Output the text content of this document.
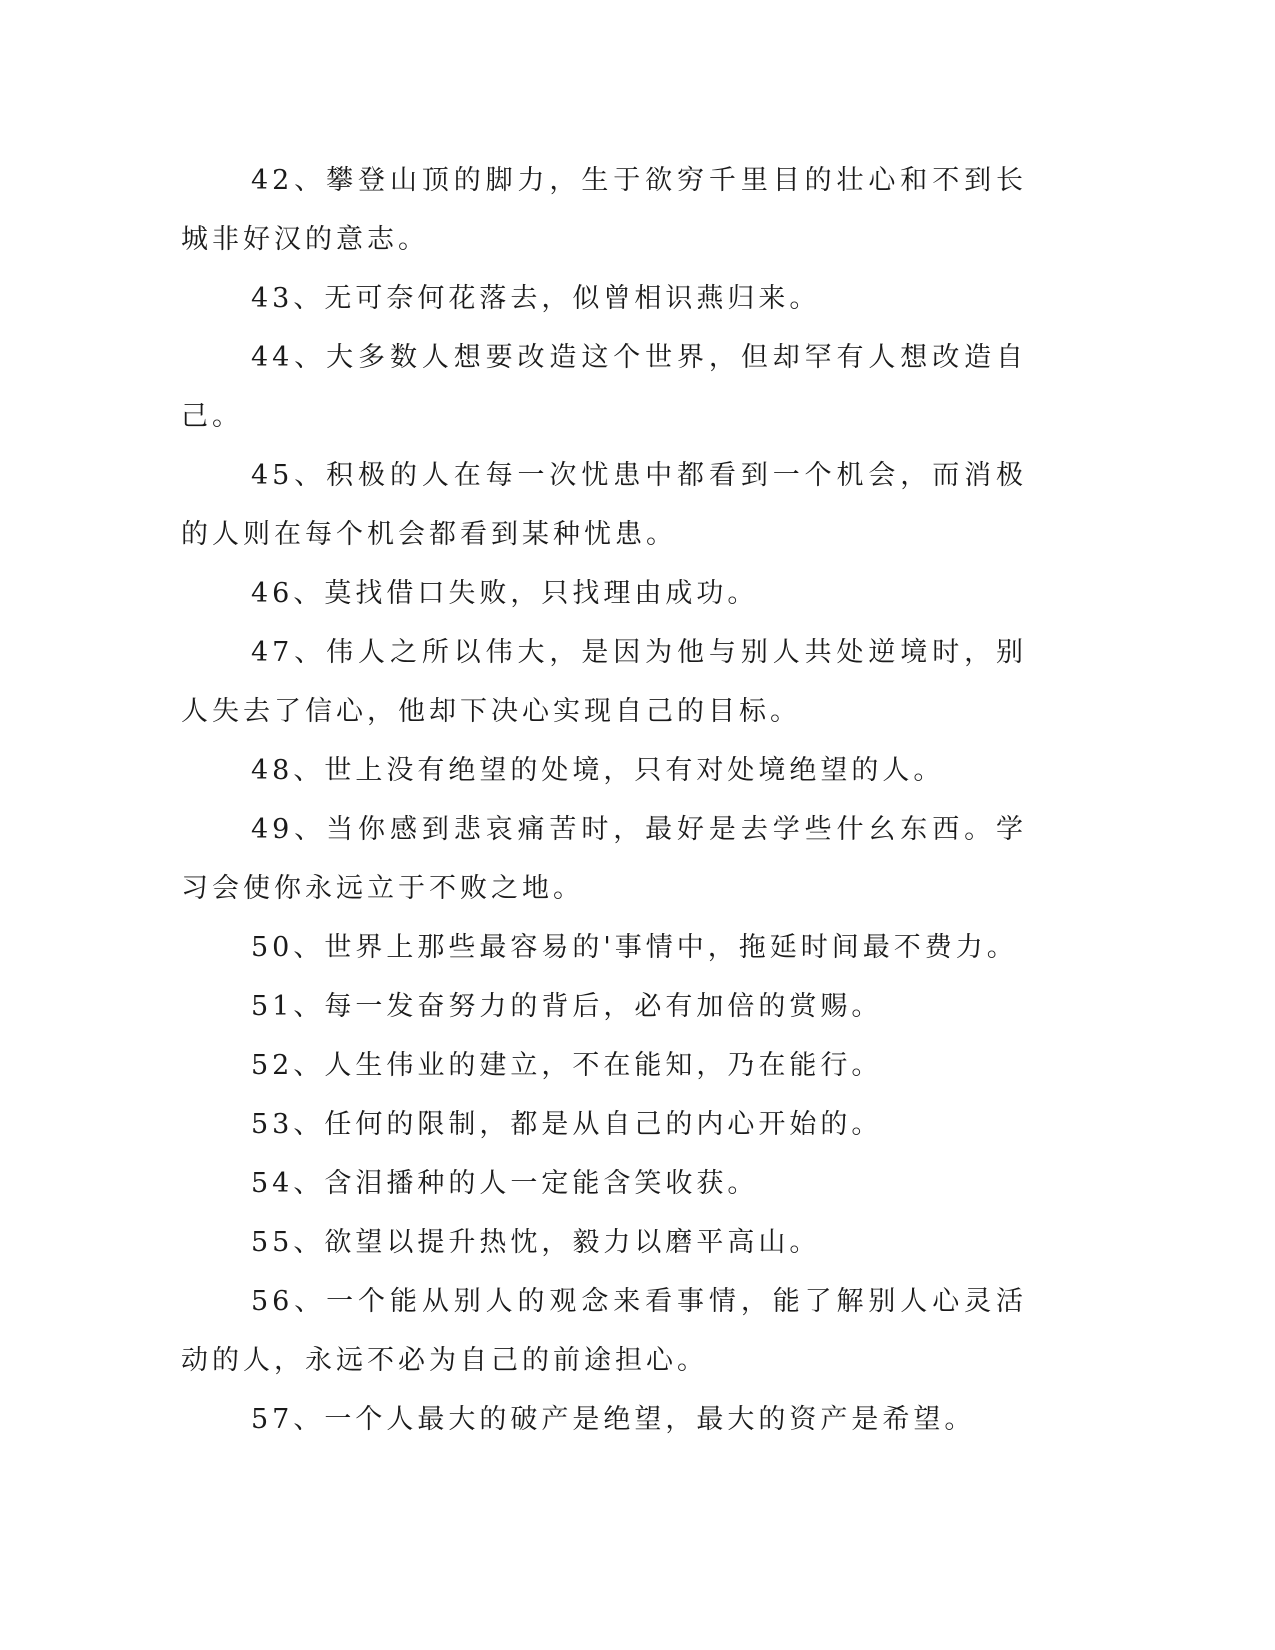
42、攀登山顶的脚力，生于欲穷千里目的壮心和不到长城非好汉的意志。

43、无可奈何花落去，似曾相识燕归来。

44、大多数人想要改造这个世界，但却罕有人想改造自己。

45、积极的人在每一次忧患中都看到一个机会，而消极的人则在每个机会都看到某种忧患。

46、莫找借口失败，只找理由成功。

47、伟人之所以伟大，是因为他与别人共处逆境时，别人失去了信心，他却下决心实现自己的目标。

48、世上没有绝望的处境，只有对处境绝望的人。

49、当你感到悲哀痛苦时，最好是去学些什幺东西。学习会使你永远立于不败之地。

50、世界上那些最容易的'事情中，拖延时间最不费力。

51、每一发奋努力的背后，必有加倍的赏赐。

52、人生伟业的建立，不在能知，乃在能行。

53、任何的限制，都是从自己的内心开始的。

54、含泪播种的人一定能含笑收获。

55、欲望以提升热忱，毅力以磨平高山。

56、一个能从别人的观念来看事情，能了解别人心灵活动的人，永远不必为自己的前途担心。

57、一个人最大的破产是绝望，最大的资产是希望。
